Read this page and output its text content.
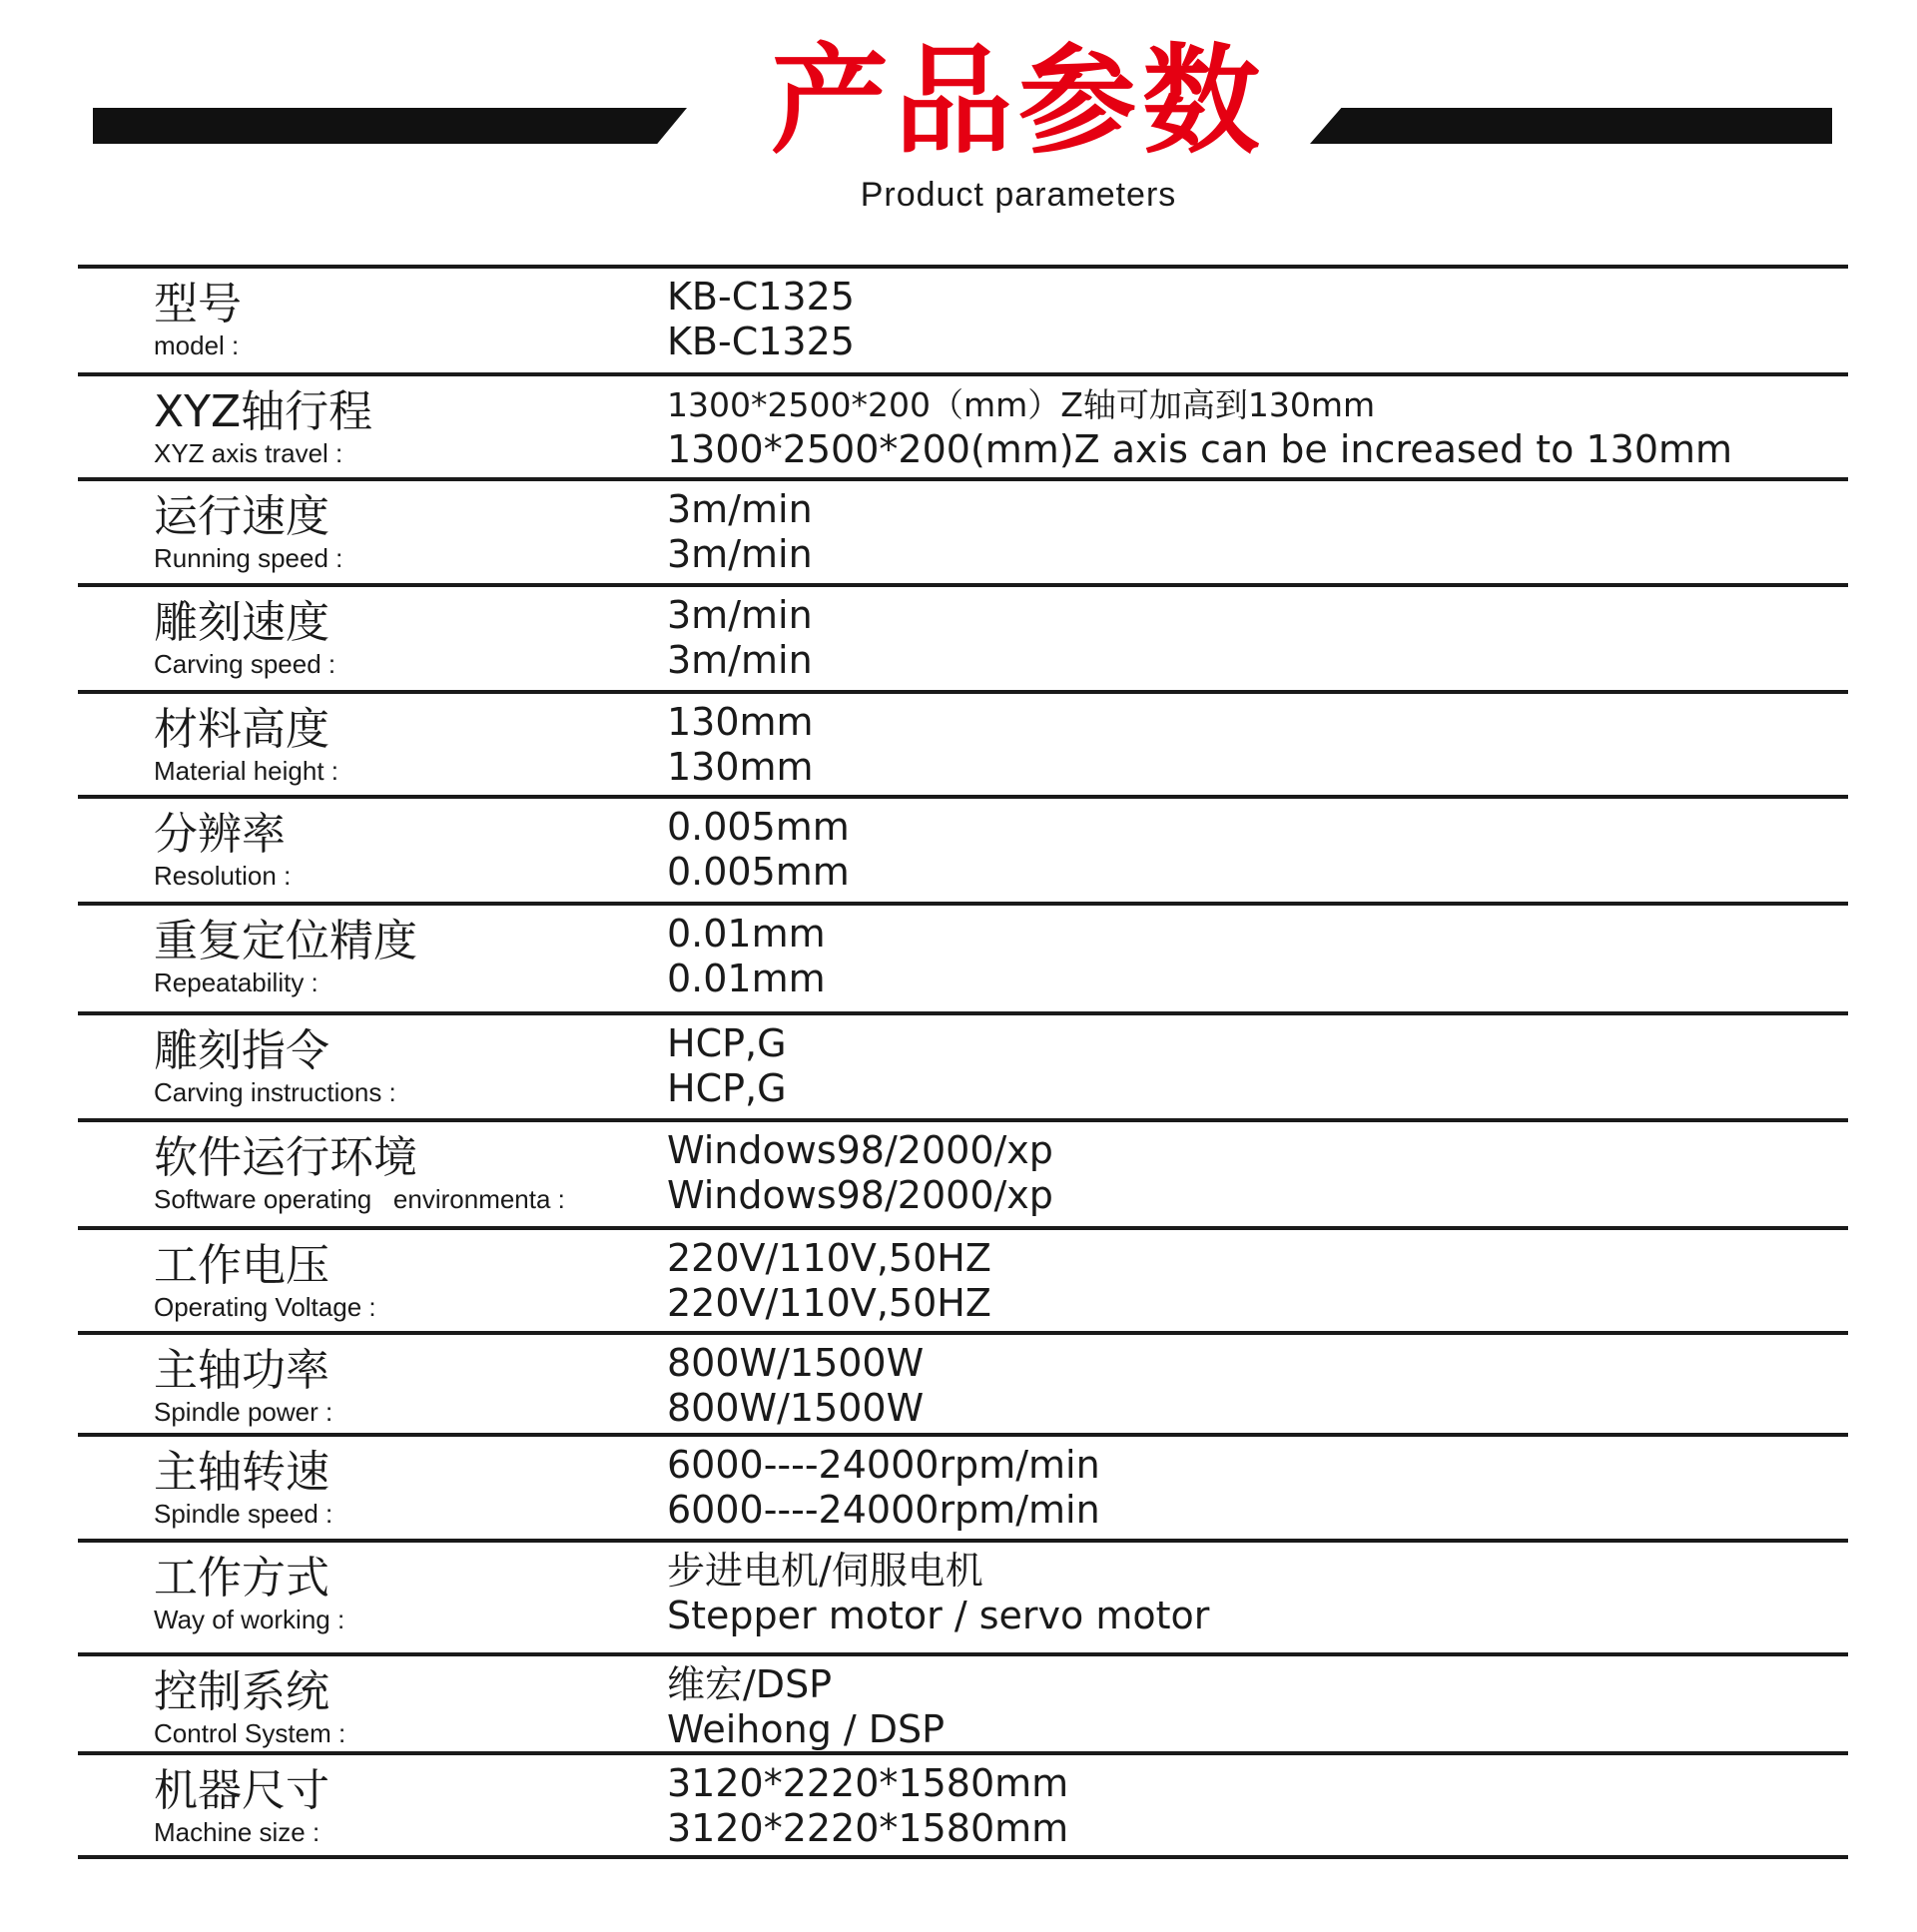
产品参数
Product parameters
型号
model :
KB-C1325
KB-C1325
XYZ轴行程
XYZ axis travel :
1300*2500*200（mm）Z轴可加高到130mm
1300*2500*200(mm)Z axis can be increased to 130mm
运行速度
Running speed :
3m/min
3m/min
雕刻速度
Carving speed :
3m/min
3m/min
材料高度
Material height :
130mm
130mm
分辨率
Resolution :
0.005mm
0.005mm
重复定位精度
Repeatability :
0.01mm
0.01mm
雕刻指令
Carving instructions :
HCP,G
HCP,G
软件运行环境
Software operating   environmenta :
Windows98/2000/xp
Windows98/2000/xp
工作电压
Operating Voltage :
220V/110V,50HZ
220V/110V,50HZ
主轴功率
Spindle power :
800W/1500W
800W/1500W
主轴转速
Spindle speed :
6000----24000rpm/min
6000----24000rpm/min
工作方式
Way of working :
步进电机/伺服电机
Stepper motor / servo motor
控制系统
Control System :
维宏/DSP
Weihong / DSP
机器尺寸
Machine size :
3120*2220*1580mm
3120*2220*1580mm
